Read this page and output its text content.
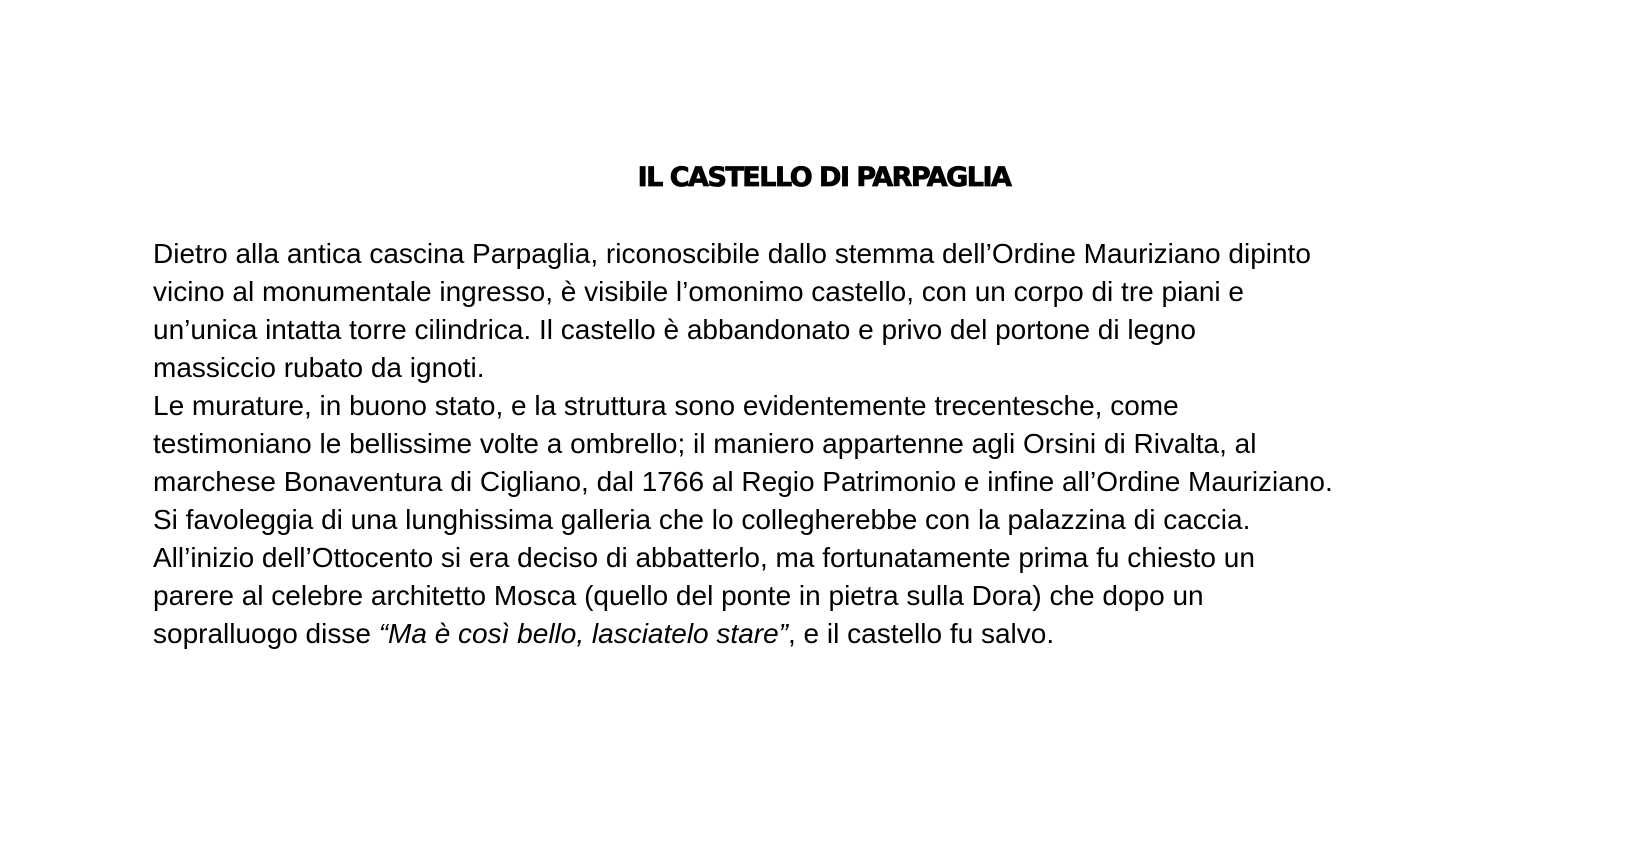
IL CASTELLO DI PARPAGLIA

Dietro alla antica cascina Parpaglia, riconoscibile dallo stemma dell’Ordine Mauriziano dipinto

vicino al monumentale ingresso, è visibile l’omonimo castello, con un corpo di tre piani e

un’unica intatta torre cilindrica. Il castello è abbandonato e privo del portone di legno

massiccio rubato da ignoti.

Le murature, in buono stato, e la struttura sono evidentemente trecentesche, come

testimoniano le bellissime volte a ombrello; il maniero appartenne agli Orsini di Rivalta, al

marchese Bonaventura di Cigliano, dal 1766 al Regio Patrimonio e infine all’Ordine Mauriziano.

Si favoleggia di una lunghissima galleria che lo collegherebbe con la palazzina di caccia.

All’inizio dell’Ottocento si era deciso di abbatterlo, ma fortunatamente prima fu chiesto un

parere al celebre architetto Mosca (quello del ponte in pietra sulla Dora) che dopo un

sopralluogo disse “Ma è così bello, lasciatelo stare”, e il castello fu salvo.
